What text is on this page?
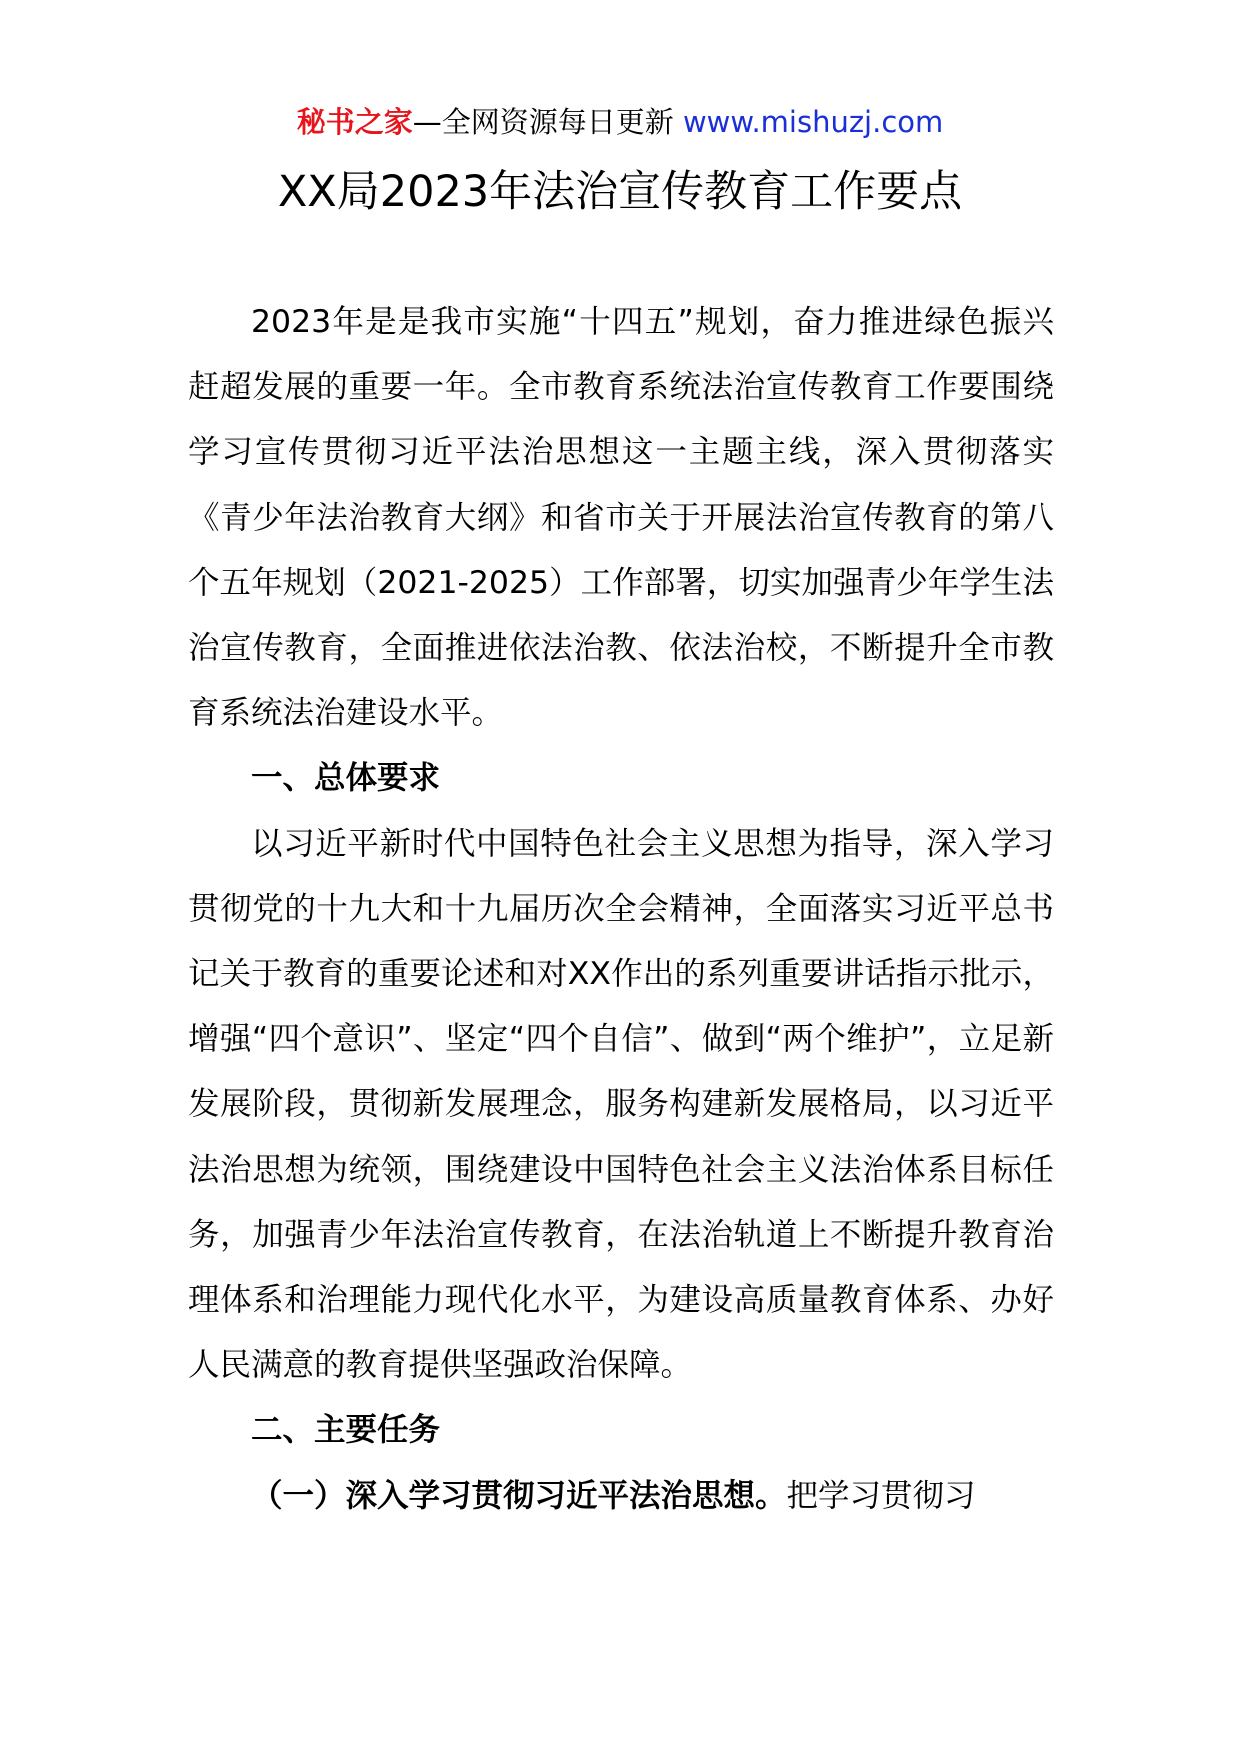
秘书之家—全网资源每日更新 www.mishuzj.com
XX局2023年法治宣传教育工作要点

2023年是是我市实施“十四五”规划，奋力推进绿色振兴赶超发展的重要一年。全市教育系统法治宣传教育工作要围绕学习宣传贯彻习近平法治思想这一主题主线，深入贯彻落实《青少年法治教育大纲》和省市关于开展法治宣传教育的第八个五年规划（2021-2025）工作部署，切实加强青少年学生法治宣传教育，全面推进依法治教、依法治校，不断提升全市教育系统法治建设水平。

一、总体要求

以习近平新时代中国特色社会主义思想为指导，深入学习贯彻党的十九大和十九届历次全会精神，全面落实习近平总书记关于教育的重要论述和对XX作出的系列重要讲话指示批示，增强“四个意识”、坚定“四个自信”、做到“两个维护”，立足新发展阶段，贯彻新发展理念，服务构建新发展格局，以习近平法治思想为统领，围绕建设中国特色社会主义法治体系目标任务，加强青少年法治宣传教育，在法治轨道上不断提升教育治理体系和治理能力现代化水平，为建设高质量教育体系、办好人民满意的教育提供坚强政治保障。

二、主要任务

（一）深入学习贯彻习近平法治思想。把学习贯彻习
